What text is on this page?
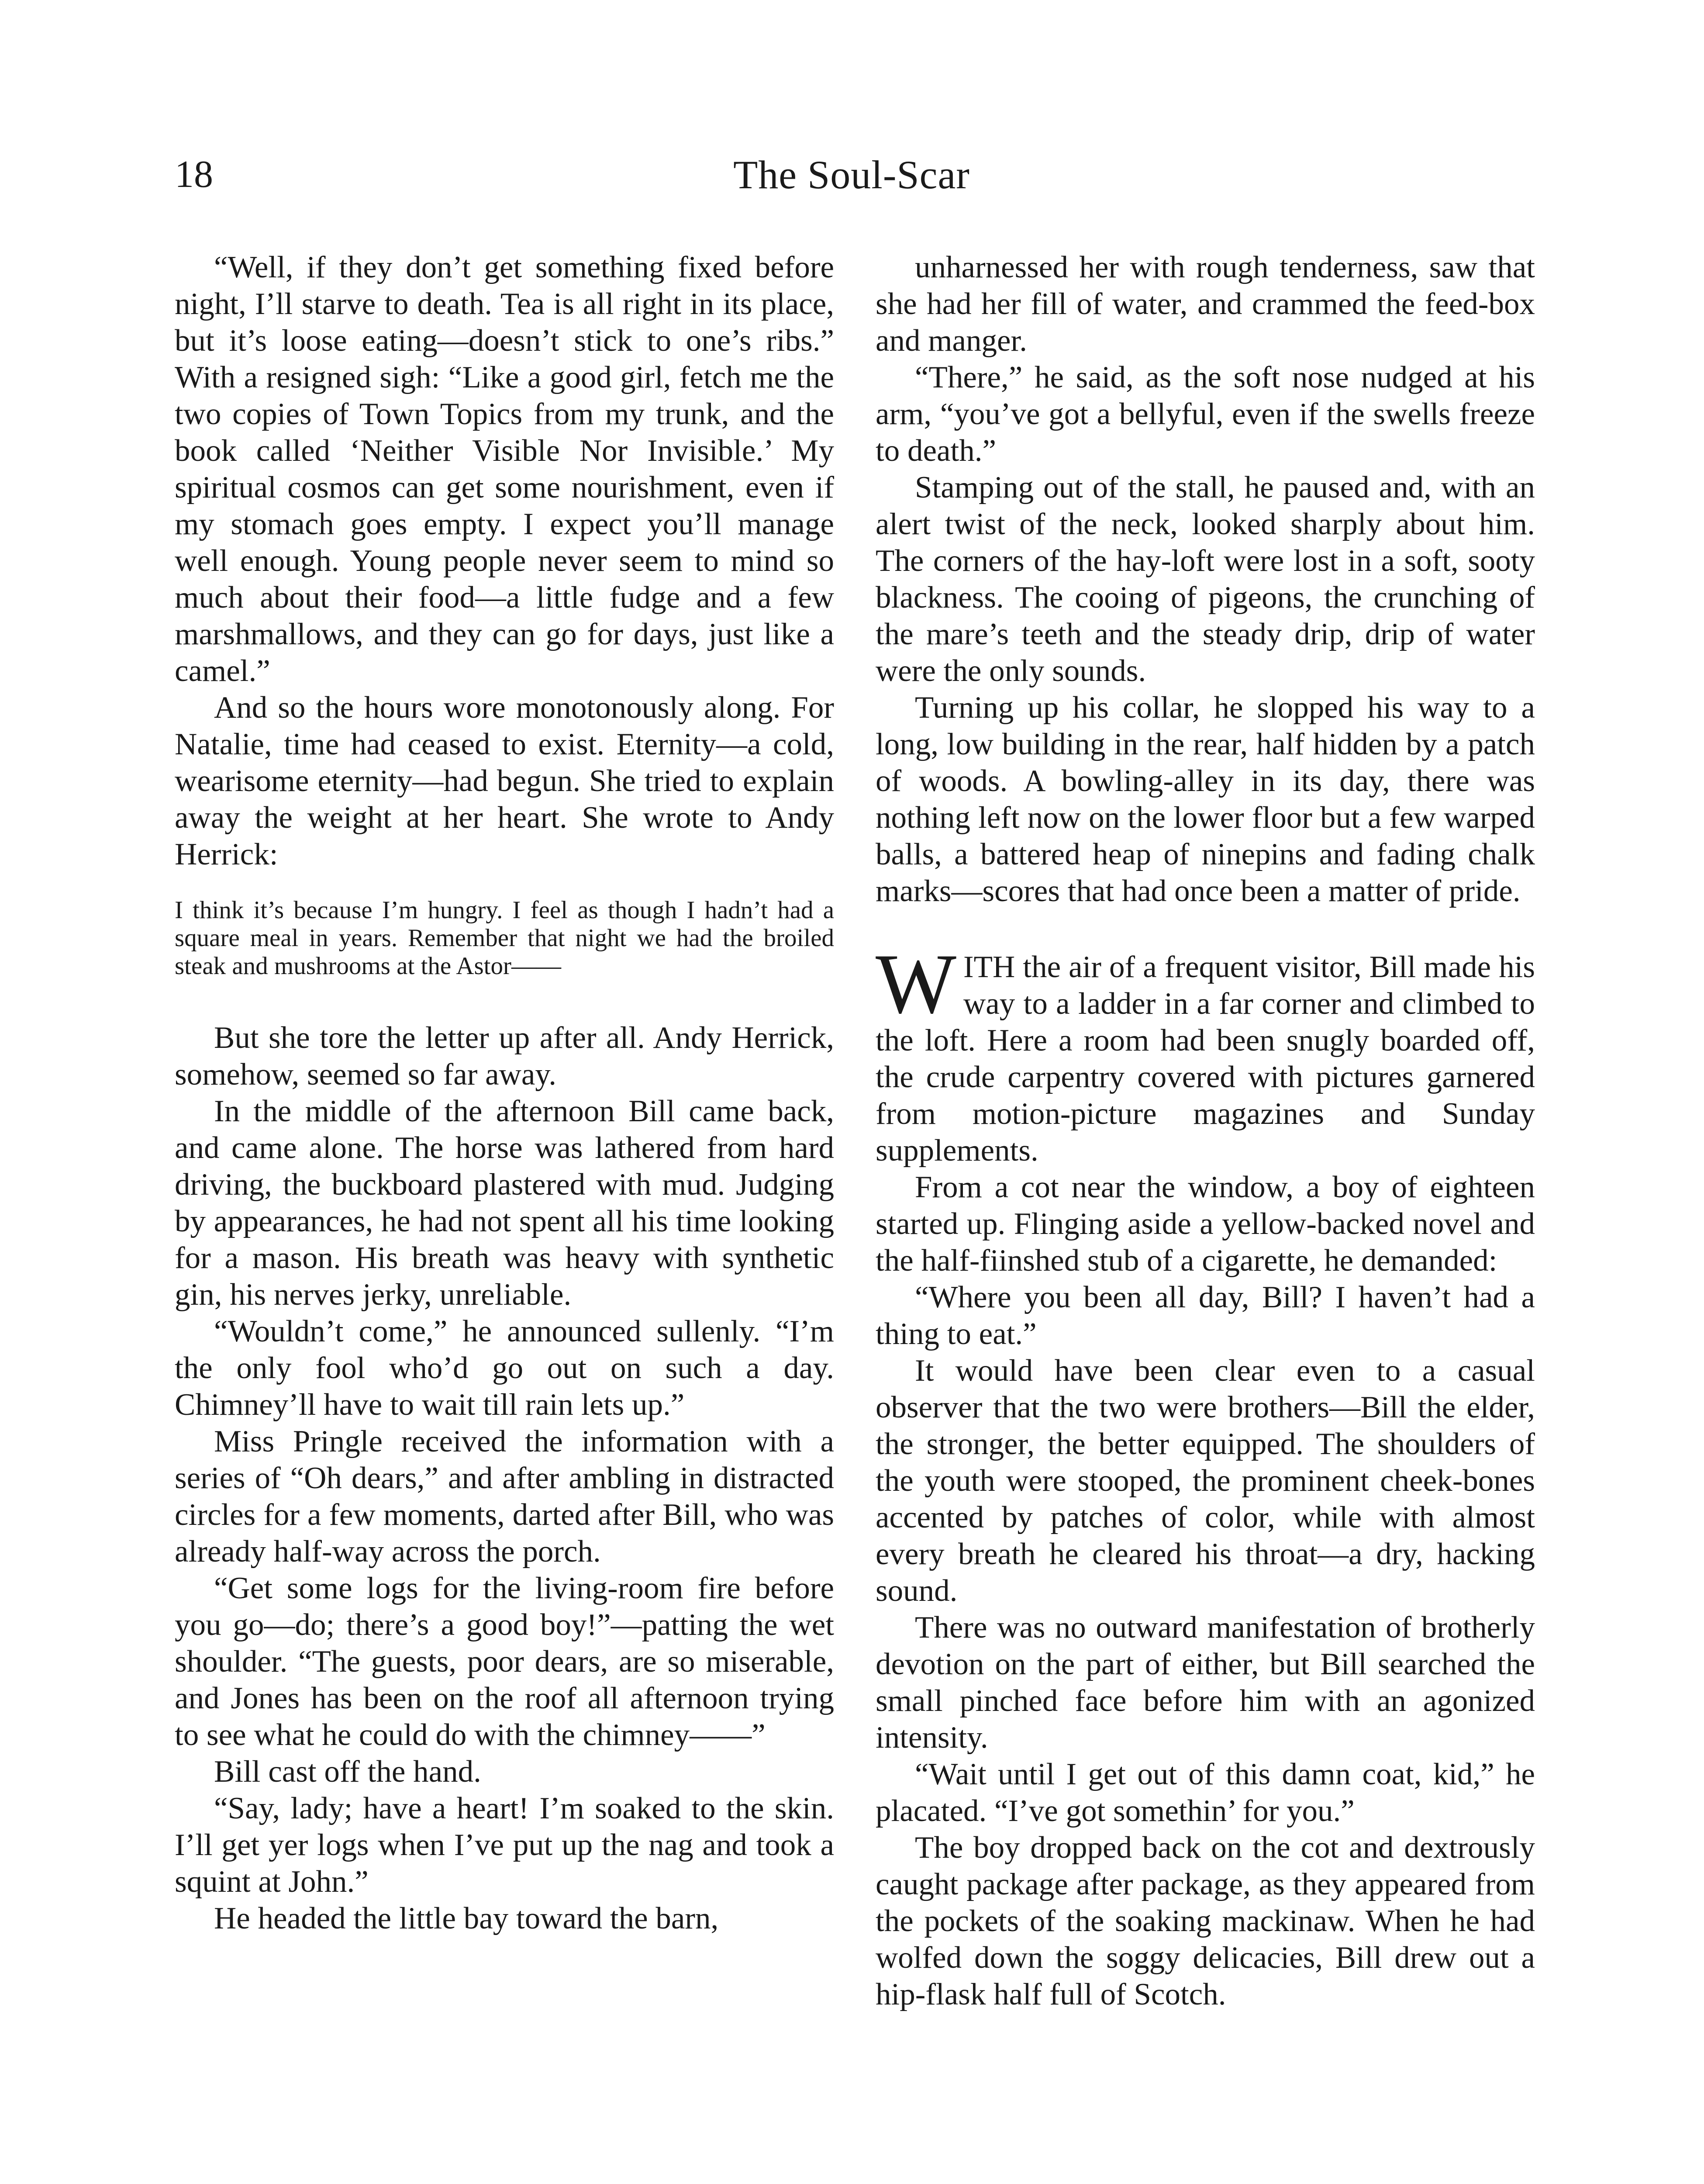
18	The Soul-Scar

“Well, if they don’t get something fixed before night, I’ll starve to death. Tea is all right in its place, but it’s loose eating—doesn’t stick to one’s ribs.” With a resigned sigh: “Like a good girl, fetch me the two copies of Town Topics from my trunk, and the book called ‘Neither Visible Nor Invisible.’ My spiritual cosmos can get some nourishment, even if my stomach goes empty. I expect you’ll manage well enough. Young people never seem to mind so much about their food—a little fudge and a few marshmallows, and they can go for days, just like a camel.”

And so the hours wore monotonously along. For Natalie, time had ceased to exist. Eternity—a cold, wearisome eternity—had begun. She tried to explain away the weight at her heart. She wrote to Andy Herrick:

I think it’s because I’m hungry. I feel as though I hadn’t had a square meal in years. Remember that night we had the broiled steak and mushrooms at the Astor——

But she tore the letter up after all. Andy Herrick, somehow, seemed so far away.

In the middle of the afternoon Bill came back, and came alone. The horse was lathered from hard driving, the buckboard plastered with mud. Judging by appearances, he had not spent all his time looking for a mason. His breath was heavy with synthetic gin, his nerves jerky, unreliable.

“Wouldn’t come,” he announced sullenly. “I’m the only fool who’d go out on such a day. Chimney’ll have to wait till rain lets up.”

Miss Pringle received the information with a series of “Oh dears,” and after ambling in distracted circles for a few moments, darted after Bill, who was already half-way across the porch.

“Get some logs for the living-room fire before you go—do; there’s a good boy!”—patting the wet shoulder. “The guests, poor dears, are so miserable, and Jones has been on the roof all afternoon trying to see what he could do with the chimney——”

Bill cast off the hand.

“Say, lady; have a heart! I’m soaked to the skin. I’ll get yer logs when I’ve put up the nag and took a squint at John.”

He headed the little bay toward the barn,

unharnessed her with rough tenderness, saw that she had her fill of water, and crammed the feed-box and manger.

“There,” he said, as the soft nose nudged at his arm, “you’ve got a bellyful, even if the swells freeze to death.”

Stamping out of the stall, he paused and, with an alert twist of the neck, looked sharply about him. The corners of the hay-loft were lost in a soft, sooty blackness. The cooing of pigeons, the crunching of the mare’s teeth and the steady drip, drip of water were the only sounds.

Turning up his collar, he slopped his way to a long, low building in the rear, half hidden by a patch of woods. A bowling-alley in its day, there was nothing left now on the lower floor but a few warped balls, a battered heap of ninepins and fading chalk marks—scores that had once been a matter of pride.

WITH the air of a frequent visitor, Bill made his way to a ladder in a far corner and climbed to the loft. Here a room had been snugly boarded off, the crude carpentry covered with pictures garnered from motion-picture magazines and Sunday supplements.

From a cot near the window, a boy of eighteen started up. Flinging aside a yellow-backed novel and the half-fiinshed stub of a cigarette, he demanded:

“Where you been all day, Bill? I haven’t had a thing to eat.”

It would have been clear even to a casual observer that the two were brothers—Bill the elder, the stronger, the better equipped. The shoulders of the youth were stooped, the prominent cheek-bones accented by patches of color, while with almost every breath he cleared his throat—a dry, hacking sound.

There was no outward manifestation of brotherly devotion on the part of either, but Bill searched the small pinched face before him with an agonized intensity.

“Wait until I get out of this damn coat, kid,” he placated. “I’ve got somethin’ for you.”

The boy dropped back on the cot and dextrously caught package after package, as they appeared from the pockets of the soaking mackinaw. When he had wolfed down the soggy delicacies, Bill drew out a hip-flask half full of Scotch.
